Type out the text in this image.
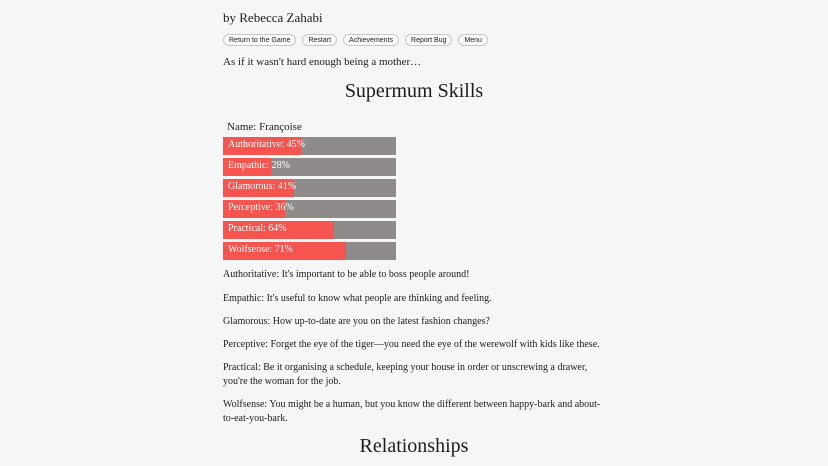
by Rebecca Zahabi
Return to the Game	Restart	Achievements	Report Bug	Menu
As if it wasn't hard enough being a mother…
Supermum Skills
Name: Françoise
Authoritative: 45%
Empathic: 28%
Glamorous: 41%
Perceptive: 36%
Practical: 64%
Wolfsense: 71%
Authoritative: It's important to be able to boss people around!
Empathic: It's useful to know what people are thinking and feeling.
Glamorous: How up-to-date are you on the latest fashion changes?
Perceptive: Forget the eye of the tiger—you need the eye of the werewolf with kids like these.
Practical: Be it organising a schedule, keeping your house in order or unscrewing a drawer, you're the woman for the job.
Wolfsense: You might be a human, but you know the different between happy-bark and about-to-eat-you-bark.
Relationships
